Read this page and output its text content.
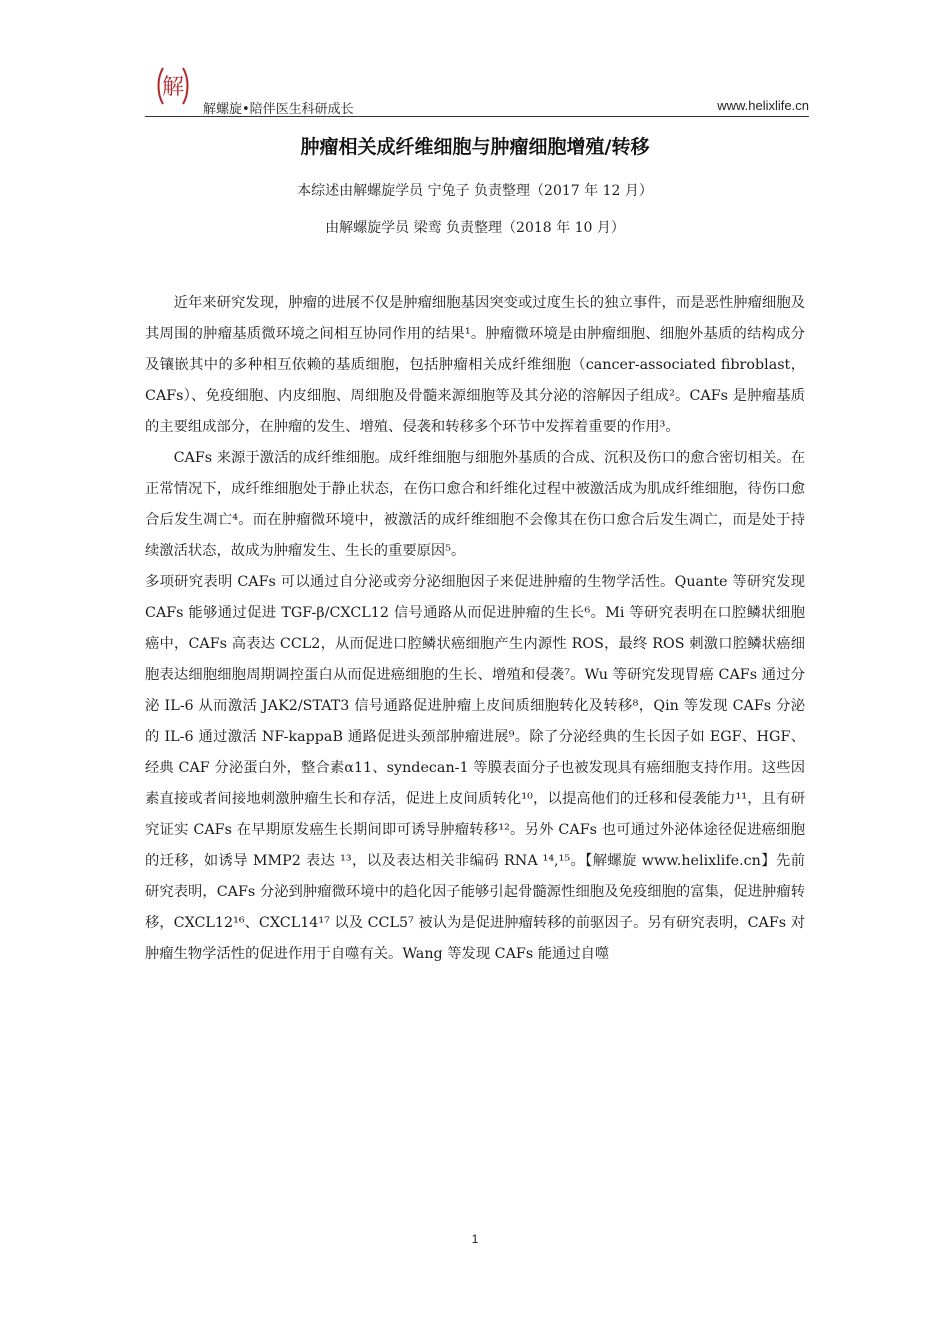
解
解螺旋•陪伴医生科研成长	www.helixlife.cn
肿瘤相关成纤维细胞与肿瘤细胞增殖/转移
本综述由解螺旋学员 宁兔子 负责整理（2017 年 12 月）
由解螺旋学员 梁鸾 负责整理（2018 年 10 月）

近年来研究发现，肿瘤的进展不仅是肿瘤细胞基因突变或过度生长的独立事件，而是恶性肿瘤细胞及其周围的肿瘤基质微环境之间相互协同作用的结果¹。肿瘤微环境是由肿瘤细胞、细胞外基质的结构成分及镶嵌其中的多种相互依赖的基质细胞，包括肿瘤相关成纤维细胞（cancer-associated fibroblast，CAFs）、免疫细胞、内皮细胞、周细胞及骨髓来源细胞等及其分泌的溶解因子组成²。CAFs 是肿瘤基质的主要组成部分，在肿瘤的发生、增殖、侵袭和转移多个环节中发挥着重要的作用³。

CAFs 来源于激活的成纤维细胞。成纤维细胞与细胞外基质的合成、沉积及伤口的愈合密切相关。在正常情况下，成纤维细胞处于静止状态，在伤口愈合和纤维化过程中被激活成为肌成纤维细胞，待伤口愈合后发生凋亡⁴。而在肿瘤微环境中，被激活的成纤维细胞不会像其在伤口愈合后发生凋亡，而是处于持续激活状态，故成为肿瘤发生、生长的重要原因⁵。

多项研究表明 CAFs 可以通过自分泌或旁分泌细胞因子来促进肿瘤的生物学活性。Quante 等研究发现 CAFs 能够通过促进 TGF-β/CXCL12 信号通路从而促进肿瘤的生长⁶。Mi 等研究表明在口腔鳞状细胞癌中，CAFs 高表达 CCL2，从而促进口腔鳞状癌细胞产生内源性 ROS，最终 ROS 刺激口腔鳞状癌细胞表达细胞细胞周期调控蛋白从而促进癌细胞的生长、增殖和侵袭⁷。Wu 等研究发现胃癌 CAFs 通过分泌 IL-6 从而激活 JAK2/STAT3 信号通路促进肿瘤上皮间质细胞转化及转移⁸，Qin 等发现 CAFs 分泌的 IL-6 通过激活 NF-kappaB 通路促进头颈部肿瘤进展⁹。除了分泌经典的生长因子如 EGF、HGF、经典 CAF 分泌蛋白外，整合素α11、syndecan-1 等膜表面分子也被发现具有癌细胞支持作用。这些因素直接或者间接地刺激肿瘤生长和存活，促进上皮间质转化¹⁰，以提高他们的迁移和侵袭能力¹¹，且有研究证实 CAFs 在早期原发癌生长期间即可诱导肿瘤转移¹²。另外 CAFs 也可通过外泌体途径促进癌细胞的迁移，如诱导 MMP2 表达 ¹³，以及表达相关非编码 RNA ¹⁴,¹⁵。【解螺旋 www.helixlife.cn】先前研究表明，CAFs 分泌到肿瘤微环境中的趋化因子能够引起骨髓源性细胞及免疫细胞的富集，促进肿瘤转移，CXCL12¹⁶、CXCL14¹⁷ 以及 CCL5⁷ 被认为是促进肿瘤转移的前驱因子。另有研究表明，CAFs 对肿瘤生物学活性的促进作用于自噬有关。Wang 等发现 CAFs 能通过自噬

1
